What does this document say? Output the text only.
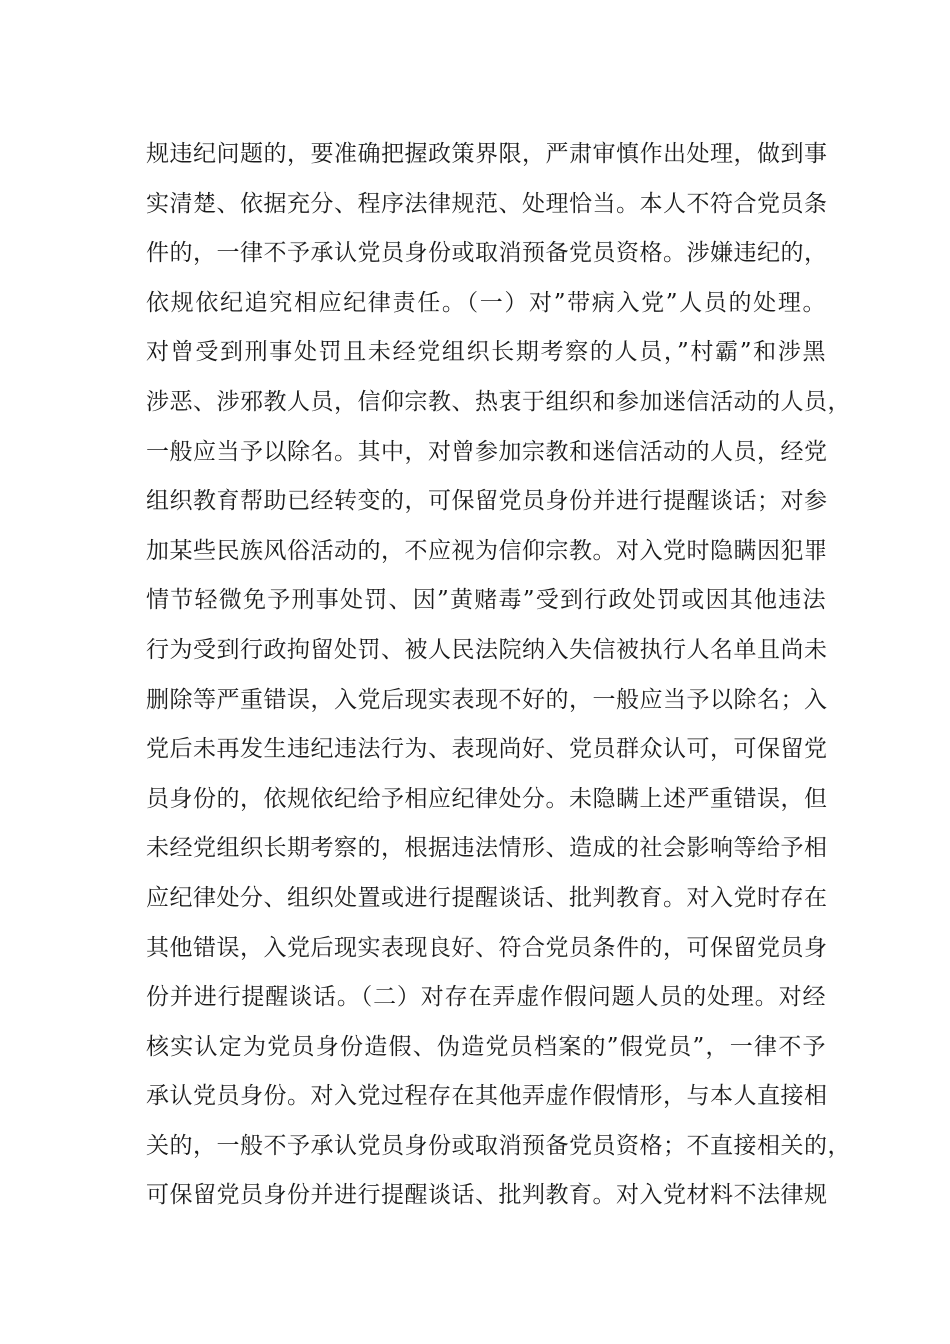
规违纪问题的，要准确把握政策界限，严肃审慎作出处理，做到事
实清楚、依据充分、程序法律规范、处理恰当。本人不符合党员条
件的，一律不予承认党员身份或取消预备党员资格。涉嫌违纪的，
依规依纪追究相应纪律责任。（一）对”带病入党”人员的处理。
对曾受到刑事处罚且未经党组织长期考察的人员，”村霸”和涉黑
涉恶、涉邪教人员，信仰宗教、热衷于组织和参加迷信活动的人员，
一般应当予以除名。其中，对曾参加宗教和迷信活动的人员，经党
组织教育帮助已经转变的，可保留党员身份并进行提醒谈话；对参
加某些民族风俗活动的，不应视为信仰宗教。对入党时隐瞒因犯罪
情节轻微免予刑事处罚、因”黄赌毒”受到行政处罚或因其他违法
行为受到行政拘留处罚、被人民法院纳入失信被执行人名单且尚未
删除等严重错误，入党后现实表现不好的，一般应当予以除名；入
党后未再发生违纪违法行为、表现尚好、党员群众认可，可保留党
员身份的，依规依纪给予相应纪律处分。未隐瞒上述严重错误，但
未经党组织长期考察的，根据违法情形、造成的社会影响等给予相
应纪律处分、组织处置或进行提醒谈话、批判教育。对入党时存在
其他错误，入党后现实表现良好、符合党员条件的，可保留党员身
份并进行提醒谈话。（二）对存在弄虚作假问题人员的处理。对经
核实认定为党员身份造假、伪造党员档案的”假党员”，一律不予
承认党员身份。对入党过程存在其他弄虚作假情形，与本人直接相
关的，一般不予承认党员身份或取消预备党员资格；不直接相关的，
可保留党员身份并进行提醒谈话、批判教育。对入党材料不法律规
